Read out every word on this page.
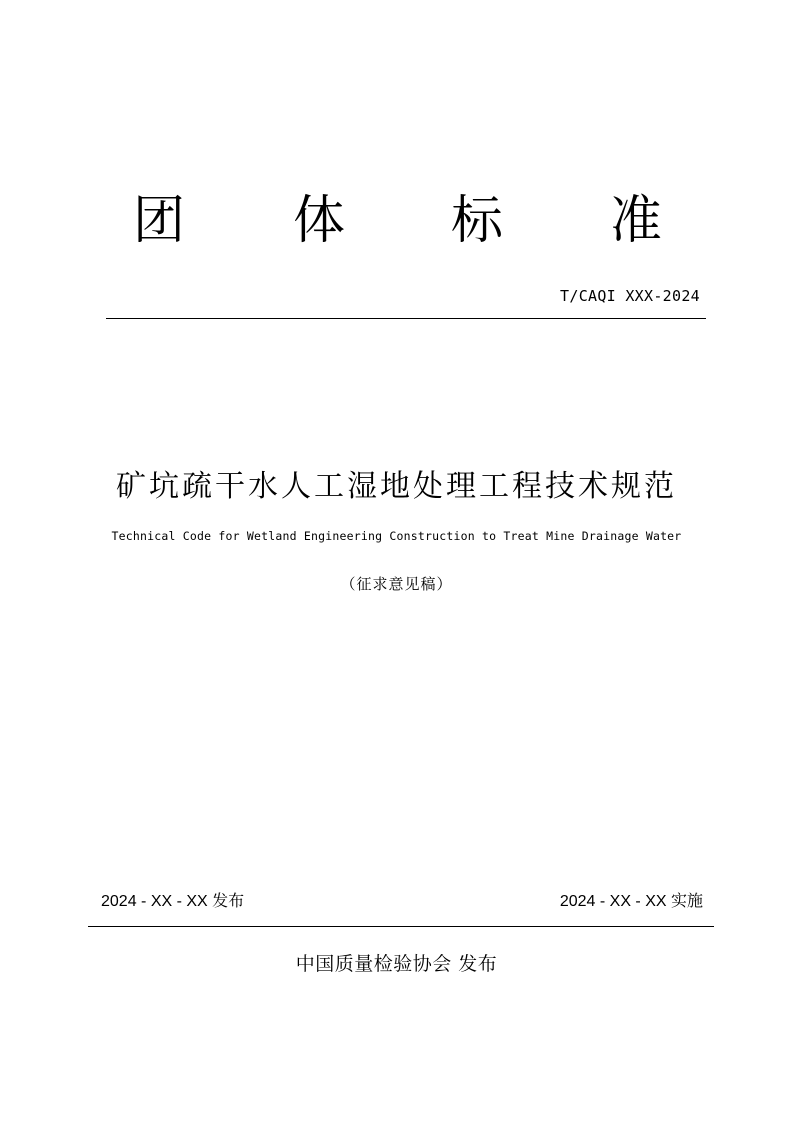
团 体 标 准
T/CAQI XXX-2024
矿坑疏干水人工湿地处理工程技术规范
Technical Code for Wetland Engineering Construction to Treat Mine Drainage Water
（征求意见稿）
2024 - XX - XX 发布	2024 - XX - XX 实施
中国质量检验协会 发布
